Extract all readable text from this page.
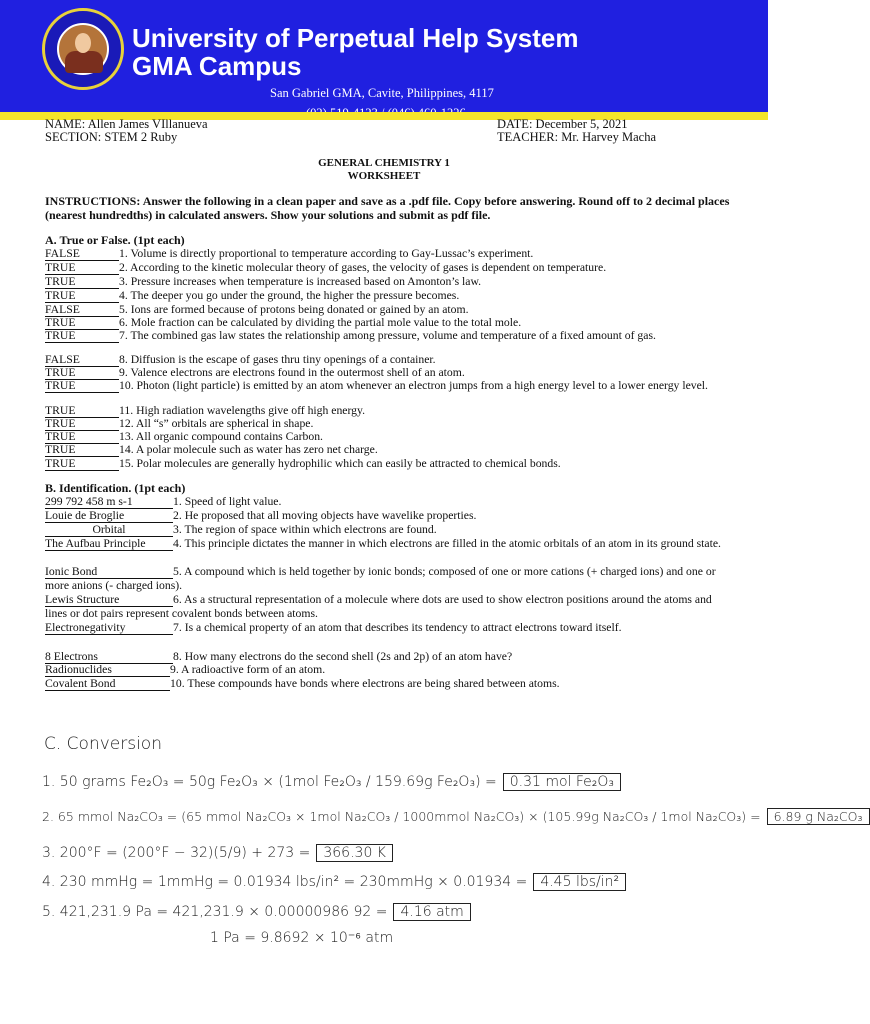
University of Perpetual Help System
GMA Campus
San Gabriel GMA, Cavite, Philippines, 4117
NAME: Allen James VIllanueva
SECTION: STEM 2 Ruby
DATE: December 5, 2021
TEACHER: Mr. Harvey Macha
GENERAL CHEMISTRY 1
WORKSHEET
INSTRUCTIONS: Answer the following in a clean paper and save as a .pdf file. Copy before answering. Round off to 2 decimal places (nearest hundredths) in calculated answers. Show your solutions and submit as pdf file.
A. True or False. (1pt each)
FALSE	1. Volume is directly proportional to temperature according to Gay-Lussac’s experiment.
TRUE	2. According to the kinetic molecular theory of gases, the velocity of gases is dependent on temperature.
TRUE	3. Pressure increases when temperature is increased based on Amonton’s law.
TRUE	4. The deeper you go under the ground, the higher the pressure becomes.
FALSE	5. Ions are formed because of protons being donated or gained by an atom.
TRUE	6. Mole fraction can be calculated by dividing the partial mole value to the total mole.
TRUE	7. The combined gas law states the relationship among pressure, volume and temperature of a fixed amount of gas.
FALSE	8. Diffusion is the escape of gases thru tiny openings of a container.
TRUE	9. Valence electrons are electrons found in the outermost shell of an atom.
TRUE	10. Photon (light particle) is emitted by an atom whenever an electron jumps from a high energy level to a lower energy level.
TRUE	11. High radiation wavelengths give off high energy.
TRUE	12. All “s” orbitals are spherical in shape.
TRUE	13. All organic compound contains Carbon.
TRUE	14. A polar molecule such as water has zero net charge.
TRUE	15. Polar molecules are generally hydrophilic which can easily be attracted to chemical bonds.
B. Identification. (1pt each)
299 792 458 m s-1	1. Speed of light value.
Louie de Broglie	2. He proposed that all moving objects have wavelike properties.
Orbital	3. The region of space within which electrons are found.
The Aufbau Principle 4. This principle dictates the manner in which electrons are filled in the atomic orbitals of an atom in its ground state.
Ionic Bond	5. A compound which is held together by ionic bonds; composed of one or more cations (+ charged ions) and one or more anions (- charged ions).
Lewis Structure	6. As a structural representation of a molecule where dots are used to show electron positions around the atoms and lines or dot pairs represent covalent bonds between atoms.
Electronegativity	7. Is a chemical property of an atom that describes its tendency to attract electrons toward itself.
8 Electrons	8. How many electrons do the second shell (2s and 2p) of an atom have?
Radionuclides	9. A radioactive form of an atom.
Covalent Bond	10. These compounds have bonds where electrons are being shared between atoms.
C. Conversion
1. 50 grams Fe₂O₃ = 50g Fe₂O₃ × (1mol Fe₂O₃ / 159.69g Fe₂O₃) = 0.31 mol Fe₂O₃
2. 65 mmol Na₂CO₃ = (65 mmol Na₂CO₃ × 1mol Na₂CO₃ / 1000mmol Na₂CO₃) × (105.99g Na₂CO₃ / 1mol Na₂CO₃) = 6.89 g Na₂CO₃
3. 200°F = (200°F − 32)(5/9) + 273 = 366.30 K
4. 230 mmHg = 1mmHg = 0.01934 lbs/in² = 230mmHg × 0.01934 = 4.45 lbs/in²
5. 421,231.9 Pa = 421,231.9 × 0.00000986 92 = 4.16 atm
1 Pa = 9.8692 × 10⁻⁶ atm
